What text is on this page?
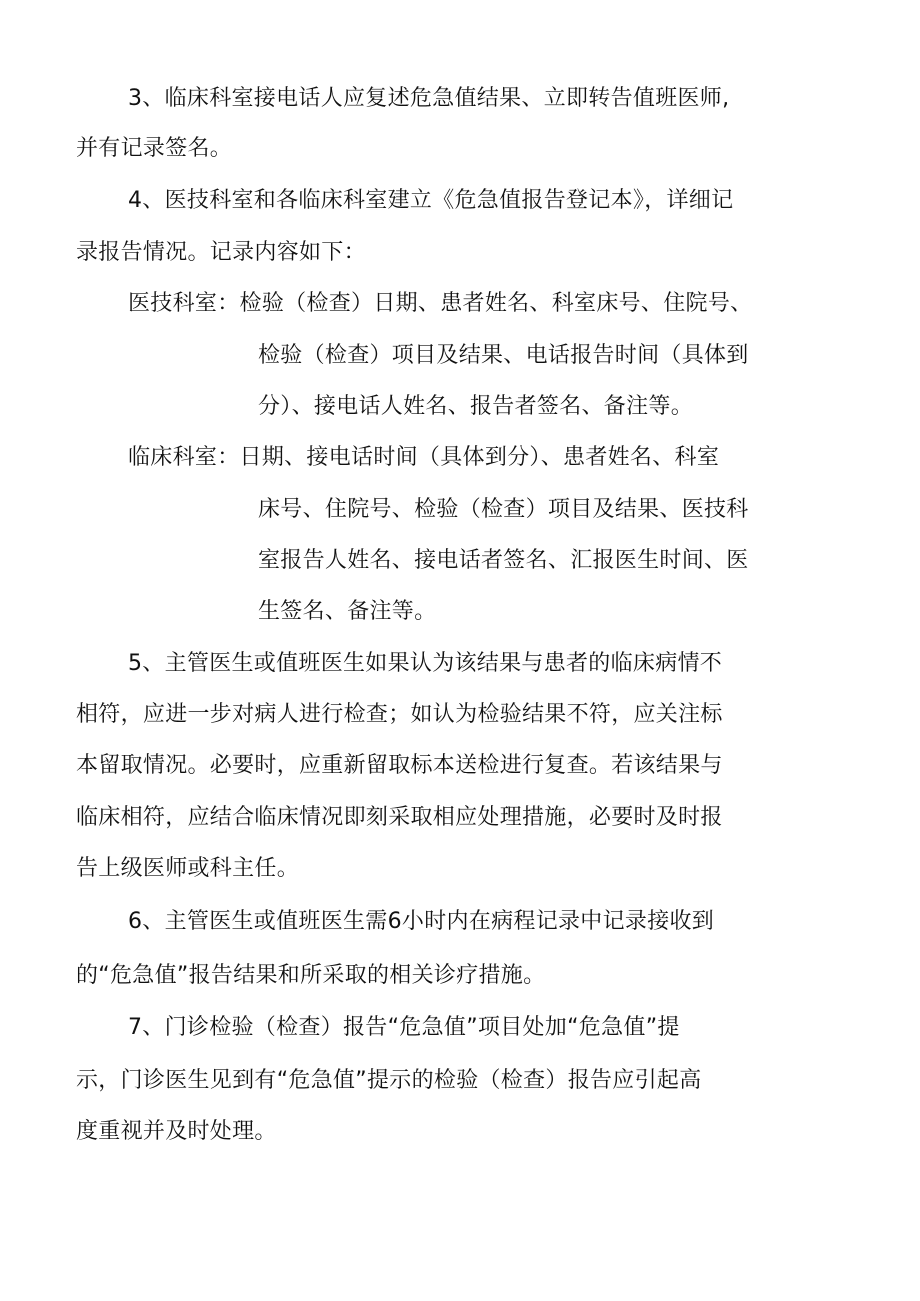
3、临床科室接电话人应复述危急值结果、立即转告值班医师,
并有记录签名。
4、医技科室和各临床科室建立《危急值报告登记本》，详细记
录报告情况。记录内容如下：
医技科室：检验（检查）日期、患者姓名、科室床号、住院号、
检验（检查）项目及结果、电话报告时间（具体到
分）、接电话人姓名、报告者签名、备注等。
临床科室：日期、接电话时间（具体到分）、患者姓名、科室
床号、住院号、检验（检查）项目及结果、医技科
室报告人姓名、接电话者签名、汇报医生时间、医
生签名、备注等。
5、主管医生或值班医生如果认为该结果与患者的临床病情不
相符，应进一步对病人进行检查；如认为检验结果不符，应关注标
本留取情况。必要时，应重新留取标本送检进行复查。若该结果与
临床相符，应结合临床情况即刻采取相应处理措施，必要时及时报
告上级医师或科主任。
6、主管医生或值班医生需6小时内在病程记录中记录接收到
的“危急值”报告结果和所采取的相关诊疗措施。
7、门诊检验（检查）报告“危急值”项目处加“危急值”提
示，门诊医生见到有“危急值”提示的检验（检查）报告应引起高
度重视并及时处理。
